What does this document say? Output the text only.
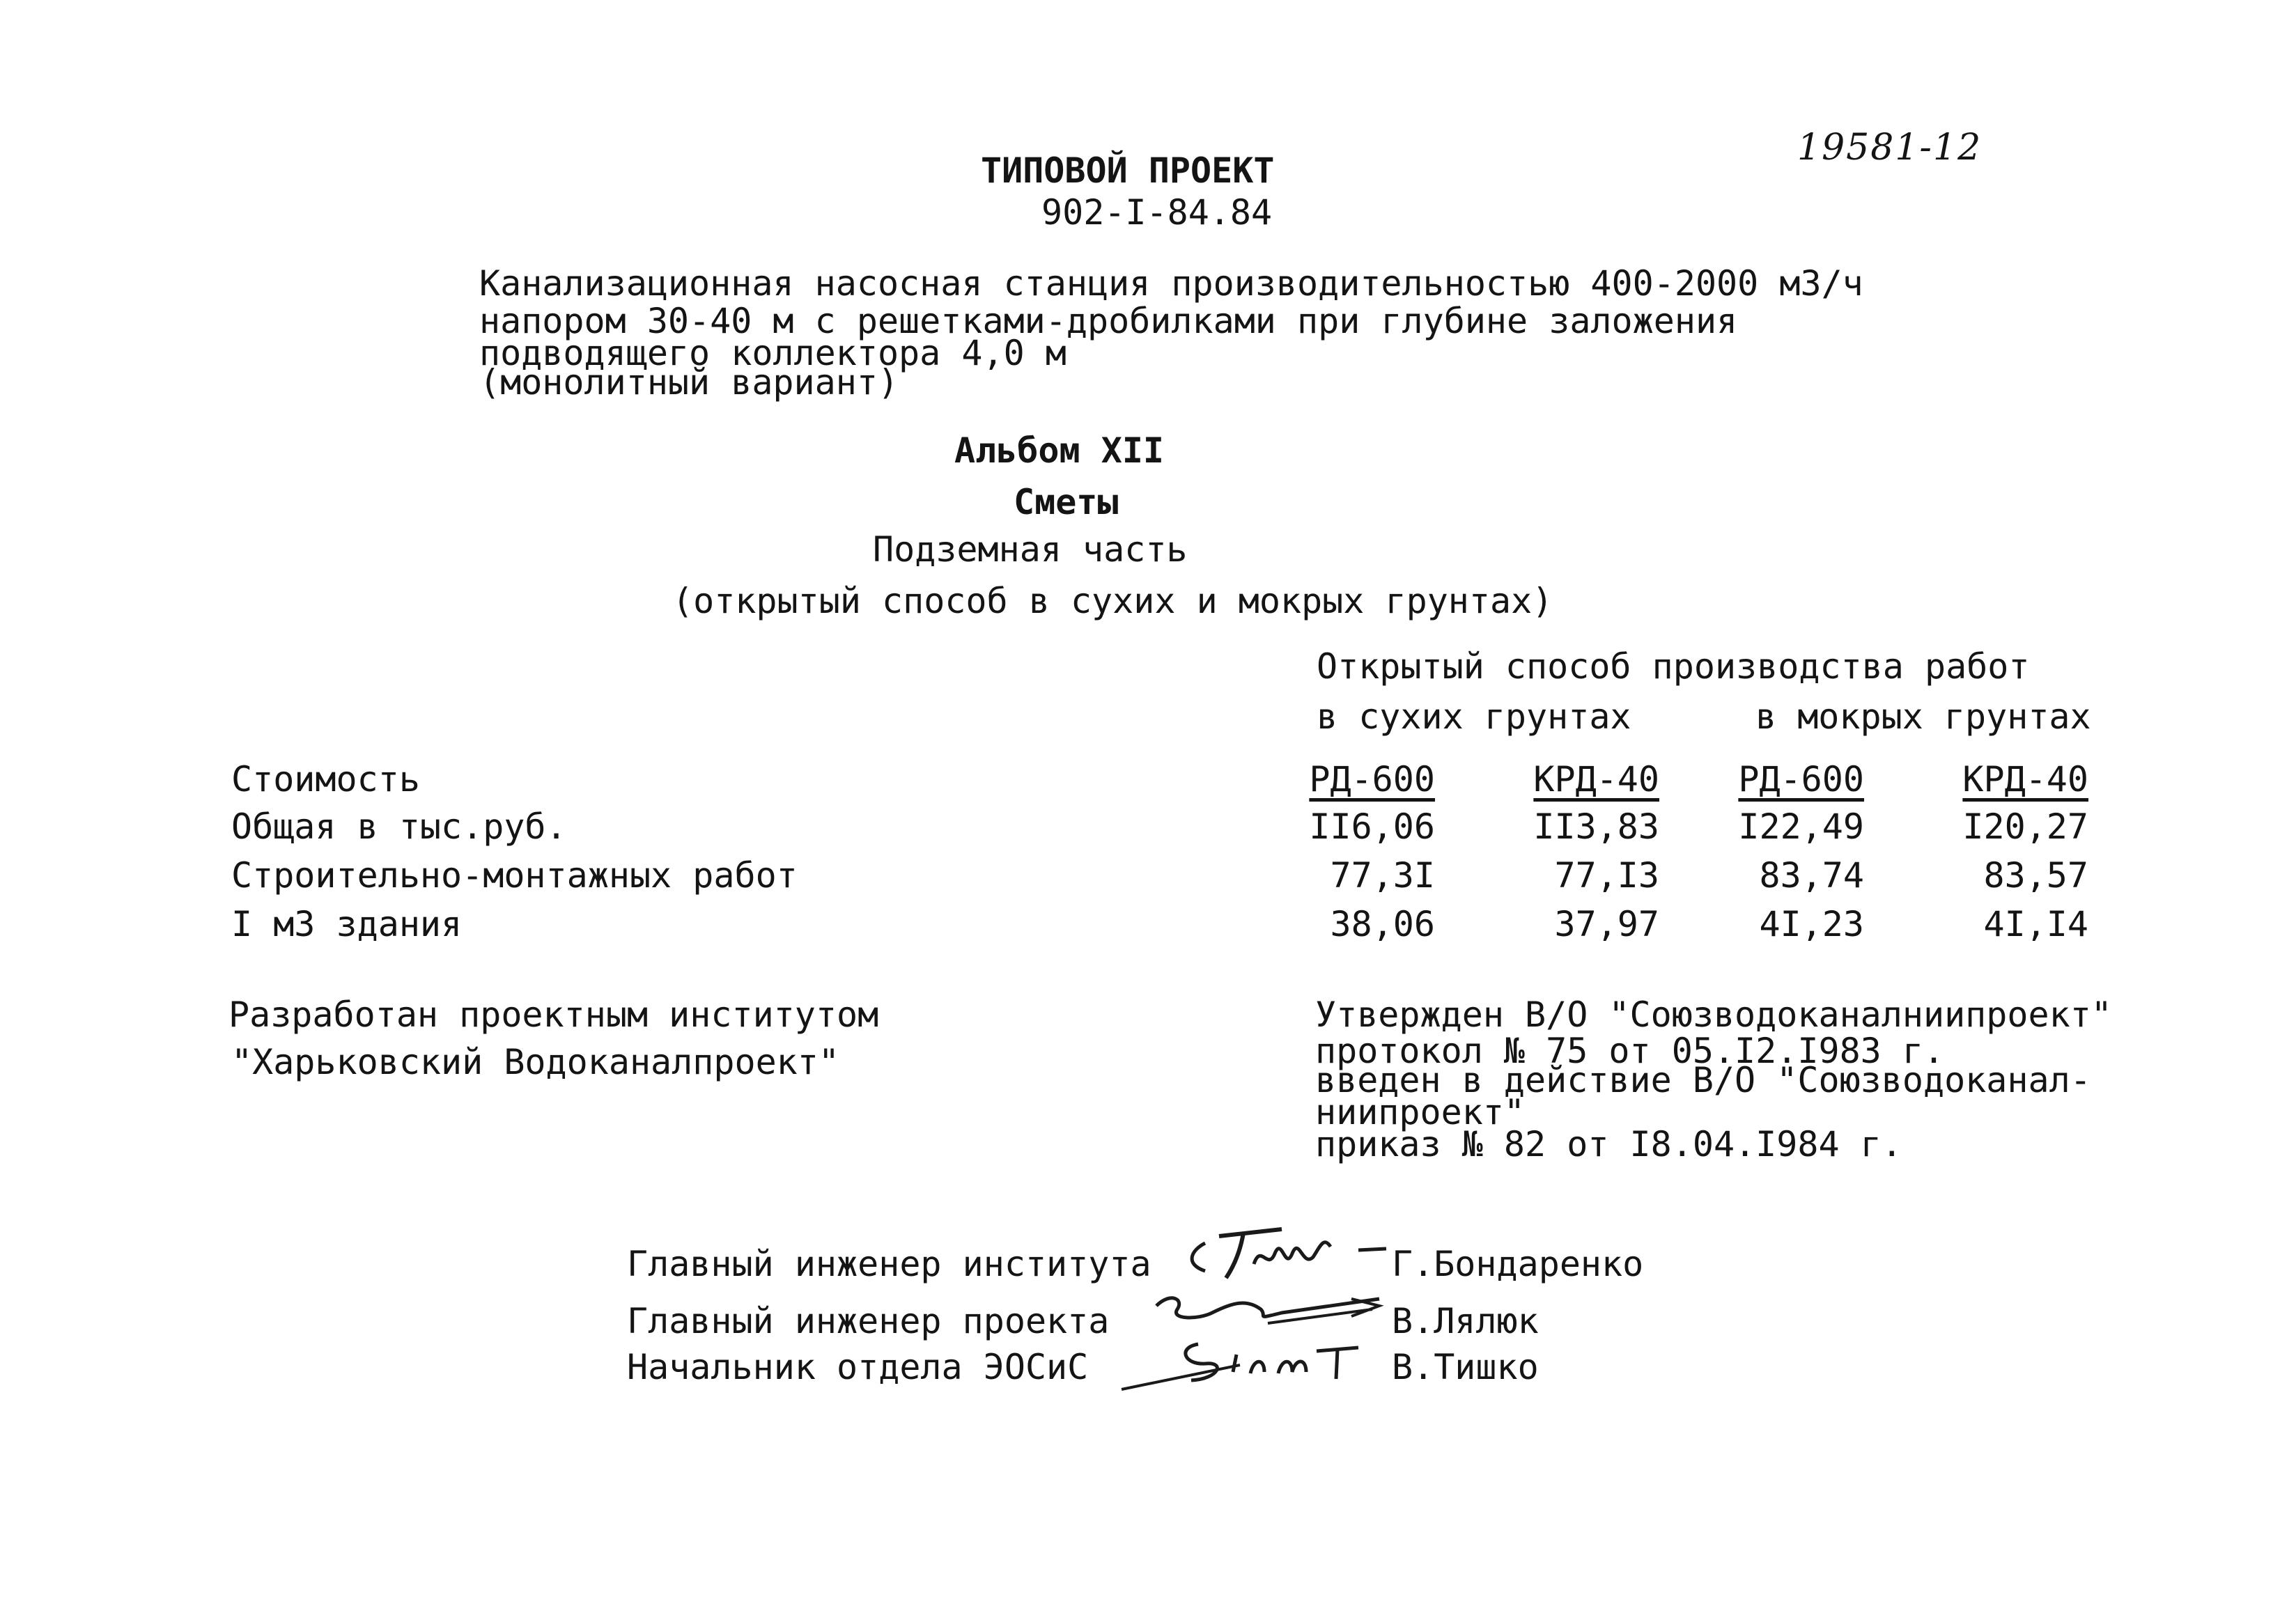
19581-12
ТИПОВОЙ ПРОЕКТ
902-I-84.84
Канализационная насосная станция производительностью 400-2000 м3/ч
напором 30-40 м с решетками-дробилками при глубине заложения
подводящего коллектора 4,0 м
(монолитный вариант)
Альбом XII
Сметы
Подземная часть
(открытый способ в сухих и мокрых грунтах)
Открытый способ производства работ
в сухих грунтах	в мокрых грунтах
Стоимость	РД-600	КРД-40	РД-600	КРД-40
Общая в тыс.руб.	II6,06	II3,83	I22,49	I20,27
Строительно-монтажных работ	77,3I	77,I3	83,74	83,57
I м3 здания	38,06	37,97	4I,23	4I,I4
Разработан проектным институтом
"Харьковский Водоканалпроект"
Утвержден В/О "Союзводоканалниипроект"
протокол № 75 от 05.I2.I983 г.
введен в действие В/О "Союзводоканал-
ниипроект"
приказ № 82 от I8.04.I984 г.
Главный инженер института	Г.Бондаренко
Главный инженер проекта	В.Лялюк
Начальник отдела ЭОСиС	В.Тишко
